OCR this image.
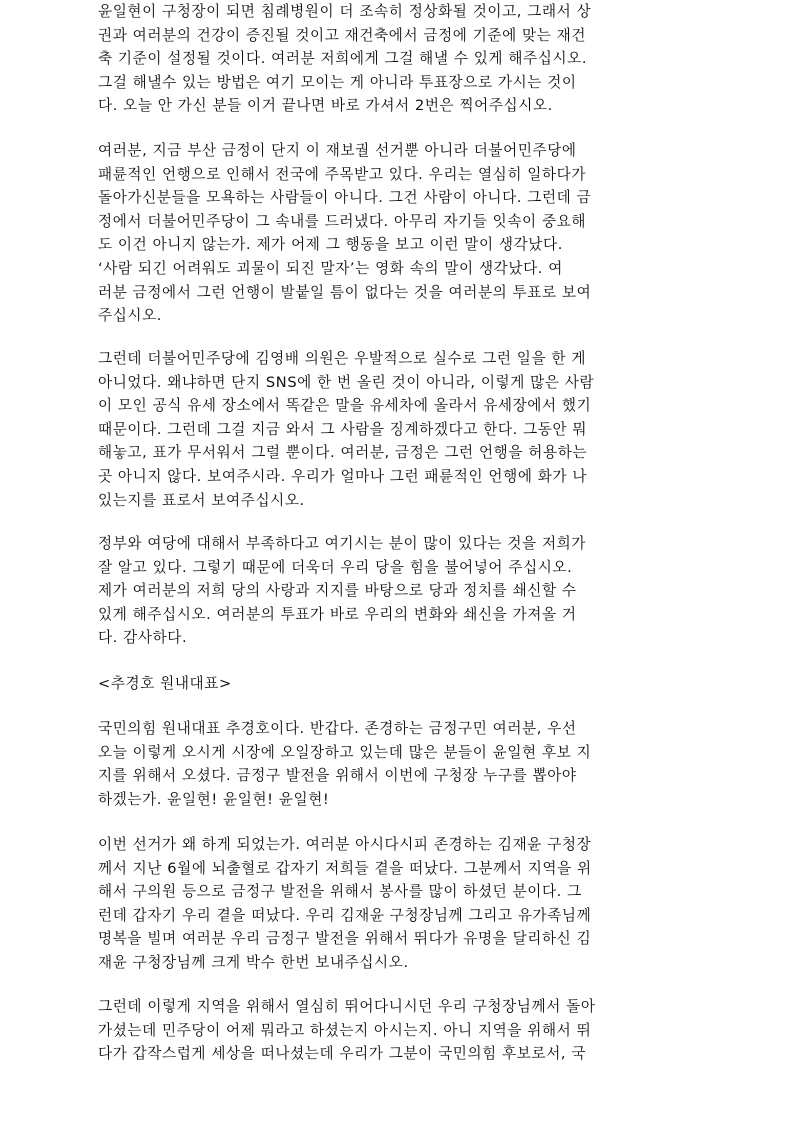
윤일현이 구청장이 되면 침례병원이 더 조속히 정상화될 것이고, 그래서 상
권과 여러분의 건강이 증진될 것이고 재건축에서 금정에 기준에 맞는 재건
축 기준이 설정될 것이다. 여러분 저희에게 그걸 해낼 수 있게 해주십시오.
그걸 해낼수 있는 방법은 여기 모이는 게 아니라 투표장으로 가시는 것이
다. 오늘 안 가신 분들 이거 끝나면 바로 가셔서 2번은 찍어주십시오.
여러분, 지금 부산 금정이 단지 이 재보궐 선거뿐 아니라 더불어민주당에
패륜적인 언행으로 인해서 전국에 주목받고 있다. 우리는 열심히 일하다가
돌아가신분들을 모욕하는 사람들이 아니다. 그건 사람이 아니다. 그런데 금
정에서 더불어민주당이 그 속내를 드러냈다. 아무리 자기들 잇속이 중요해
도 이건 아니지 않는가. 제가 어제 그 행동을 보고 이런 말이 생각났다.
‘사람 되긴 어려워도 괴물이 되진 말자’는 영화 속의 말이 생각났다. 여
러분 금정에서 그런 언행이 발붙일 틈이 없다는 것을 여러분의 투표로 보여
주십시오.
그런데 더불어민주당에 김영배 의원은 우발적으로 실수로 그런 일을 한 게
아니었다. 왜냐하면 단지 SNS에 한 번 올린 것이 아니라, 이렇게 많은 사람
이 모인 공식 유세 장소에서 똑같은 말을 유세차에 올라서 유세장에서 했기
때문이다. 그런데 그걸 지금 와서 그 사람을 징계하겠다고 한다. 그동안 뭐
해놓고, 표가 무서워서 그럴 뿐이다. 여러분, 금정은 그런 언행을 허용하는
곳 아니지 않다. 보여주시라. 우리가 얼마나 그런 패륜적인 언행에 화가 나
있는지를 표로서 보여주십시오.
정부와 여당에 대해서 부족하다고 여기시는 분이 많이 있다는 것을 저희가
잘 알고 있다. 그렇기 때문에 더욱더 우리 당을 힘을 불어넣어 주십시오.
제가 여러분의 저희 당의 사랑과 지지를 바탕으로 당과 정치를 쇄신할 수
있게 해주십시오. 여러분의 투표가 바로 우리의 변화와 쇄신을 가져올 거
다. 감사하다.
<추경호 원내대표>
국민의힘 원내대표 추경호이다. 반갑다. 존경하는 금정구민 여러분, 우선
오늘 이렇게 오시게 시장에 오일장하고 있는데 많은 분들이 윤일현 후보 지
지를 위해서 오셨다. 금정구 발전을 위해서 이번에 구청장 누구를 뽑아야
하겠는가. 윤일현! 윤일현! 윤일현!
이번 선거가 왜 하게 되었는가. 여러분 아시다시피 존경하는 김재윤 구청장
께서 지난 6월에 뇌출혈로 갑자기 저희들 곁을 떠났다. 그분께서 지역을 위
해서 구의원 등으로 금정구 발전을 위해서 봉사를 많이 하셨던 분이다. 그
런데 갑자기 우리 곁을 떠났다. 우리 김재윤 구청장님께 그리고 유가족님께
명복을 빌며 여러분 우리 금정구 발전을 위해서 뛰다가 유명을 달리하신 김
재윤 구청장님께 크게 박수 한번 보내주십시오.
그런데 이렇게 지역을 위해서 열심히 뛰어다니시던 우리 구청장님께서 돌아
가셨는데 민주당이 어제 뭐라고 하셨는지 아시는지. 아니 지역을 위해서 뛰
다가 갑작스럽게 세상을 떠나셨는데 우리가 그분이 국민의힘 후보로서, 국
